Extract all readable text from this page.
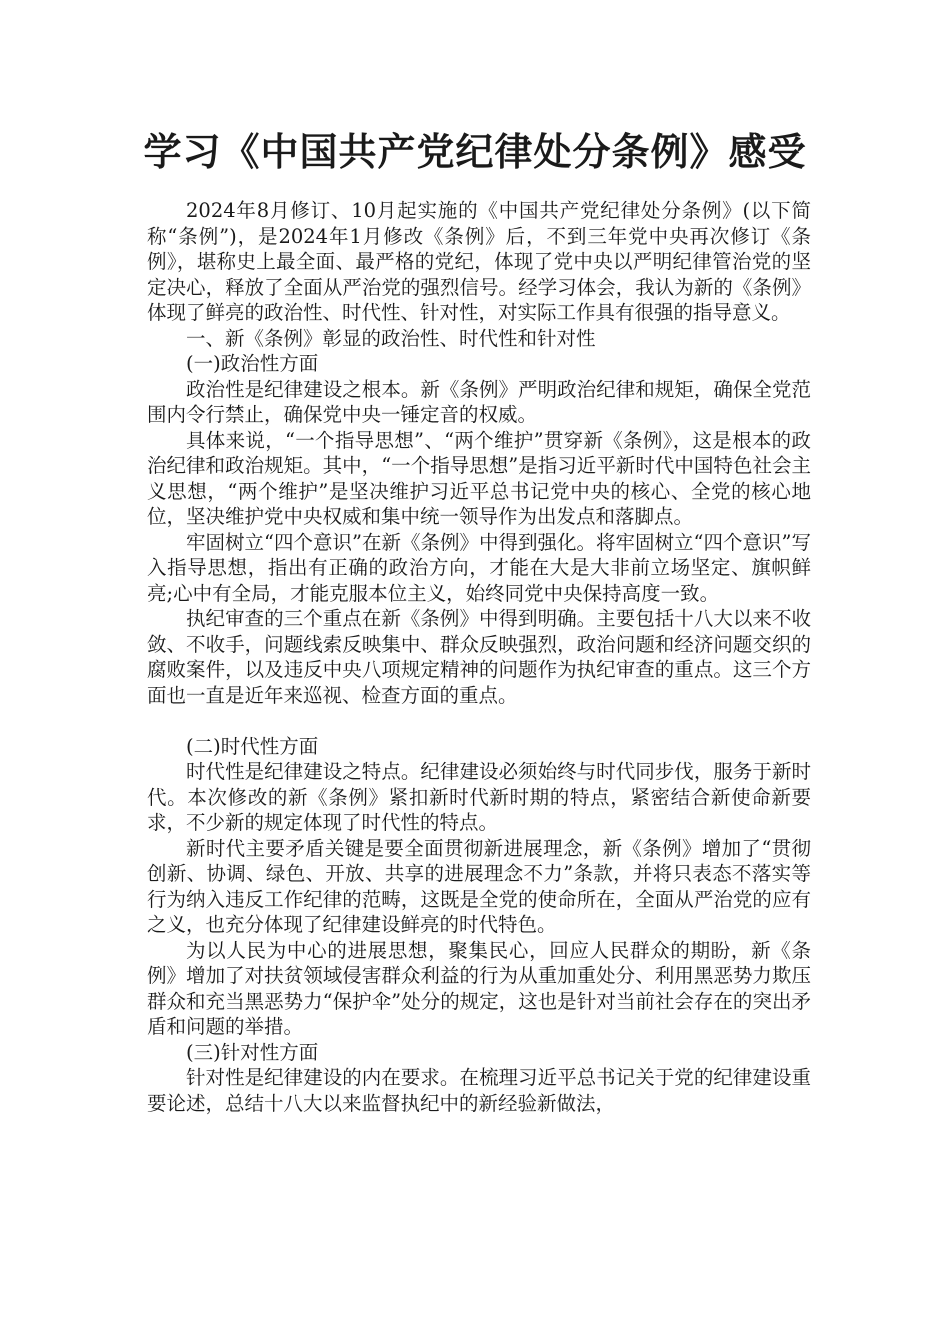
学习《中国共产党纪律处分条例》感受

2024年8月修订、10月起实施的《中国共产党纪律处分条例》(以下简称“条例”)，是2024年1月修改《条例》后，不到三年党中央再次修订《条例》，堪称史上最全面、最严格的党纪，体现了党中央以严明纪律管治党的坚定决心，释放了全面从严治党的强烈信号。经学习体会，我认为新的《条例》体现了鲜亮的政治性、时代性、针对性，对实际工作具有很强的指导意义。

一、新《条例》彰显的政治性、时代性和针对性

(一)政治性方面

政治性是纪律建设之根本。新《条例》严明政治纪律和规矩，确保全党范围内令行禁止，确保党中央一锤定音的权威。

具体来说，“一个指导思想”、“两个维护”贯穿新《条例》，这是根本的政治纪律和政治规矩。其中，“一个指导思想”是指习近平新时代中国特色社会主义思想，“两个维护”是坚决维护习近平总书记党中央的核心、全党的核心地位，坚决维护党中央权威和集中统一领导作为出发点和落脚点。

牢固树立“四个意识”在新《条例》中得到强化。将牢固树立“四个意识”写入指导思想，指出有正确的政治方向，才能在大是大非前立场坚定、旗帜鲜亮;心中有全局，才能克服本位主义，始终同党中央保持高度一致。

执纪审查的三个重点在新《条例》中得到明确。主要包括十八大以来不收敛、不收手，问题线索反映集中、群众反映强烈，政治问题和经济问题交织的腐败案件，以及违反中央八项规定精神的问题作为执纪审查的重点。这三个方面也一直是近年来巡视、检查方面的重点。

(二)时代性方面

时代性是纪律建设之特点。纪律建设必须始终与时代同步伐，服务于新时代。本次修改的新《条例》紧扣新时代新时期的特点，紧密结合新使命新要求，不少新的规定体现了时代性的特点。

新时代主要矛盾关键是要全面贯彻新进展理念，新《条例》增加了“贯彻创新、协调、绿色、开放、共享的进展理念不力”条款，并将只表态不落实等行为纳入违反工作纪律的范畴，这既是全党的使命所在，全面从严治党的应有之义，也充分体现了纪律建设鲜亮的时代特色。

为以人民为中心的进展思想，聚集民心，回应人民群众的期盼，新《条例》增加了对扶贫领域侵害群众利益的行为从重加重处分、利用黑恶势力欺压群众和充当黑恶势力“保护伞”处分的规定，这也是针对当前社会存在的突出矛盾和问题的举措。

(三)针对性方面

针对性是纪律建设的内在要求。在梳理习近平总书记关于党的纪律建设重要论述，总结十八大以来监督执纪中的新经验新做法，
